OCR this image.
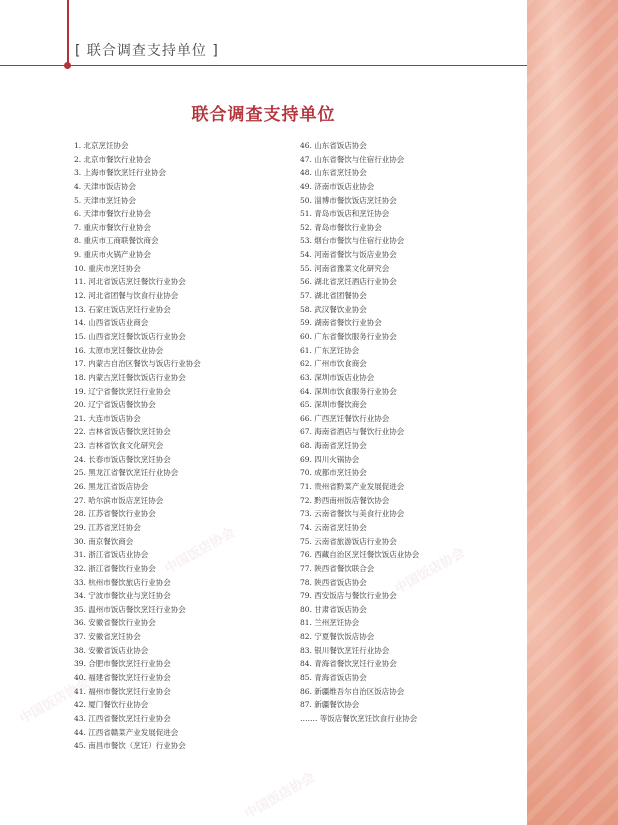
[ 联合调查支持单位 ]
联合调查支持单位
中国饭店协会
中国饭店协会	中国饭店协会
中国饭店协会
1. 北京烹饪协会
2. 北京市餐饮行业协会
3. 上海市餐饮烹饪行业协会
4. 天津市饭店协会
5. 天津市烹饪协会
6. 天津市餐饮行业协会
7. 重庆市餐饮行业协会
8. 重庆市工商联餐饮商会
9. 重庆市火锅产业协会
10. 重庆市烹饪协会
11. 河北省饭店烹饪餐饮行业协会
12. 河北省团餐与饮食行业协会
13. 石家庄饭店烹饪行业协会
14. 山西省饭店业商会
15. 山西省烹饪餐饮饭店行业协会
16. 太原市烹饪餐饮业协会
17. 内蒙古自治区餐饮与饭店行业协会
18. 内蒙古烹饪餐饮饭店行业协会
19. 辽宁省餐饮烹饪行业协会
20. 辽宁省饭店餐饮协会
21. 大连市饭店协会
22. 吉林省饭店餐饮烹饪协会
23. 吉林省饮食文化研究会
24. 长春市饭店餐饮烹饪协会
25. 黑龙江省餐饮烹饪行业协会
26. 黑龙江省饭店协会
27. 哈尔滨市饭店烹饪协会
28. 江苏省餐饮行业协会
29. 江苏省烹饪协会
30. 南京餐饮商会
31. 浙江省饭店业协会
32. 浙江省餐饮行业协会
33. 杭州市餐饮旅店行业协会
34. 宁波市餐饮业与烹饪协会
35. 温州市饭店餐饮烹饪行业协会
36. 安徽省餐饮行业协会
37. 安徽省烹饪协会
38. 安徽省饭店业协会
39. 合肥市餐饮烹饪行业协会
40. 福建省餐饮烹饪行业协会
41. 福州市餐饮烹饪行业协会
42. 厦门餐饮行业协会
43. 江西省餐饮烹饪行业协会
44. 江西省赣菜产业发展促进会
45. 南昌市餐饮（烹饪）行业协会
46. 山东省饭店协会
47. 山东省餐饮与住宿行业协会
48. 山东省烹饪协会
49. 济南市饭店业协会
50. 淄博市餐饮饭店烹饪协会
51. 青岛市饭店和烹饪协会
52. 青岛市餐饮行业协会
53. 烟台市餐饮与住宿行业协会
54. 河南省餐饮与饭店业协会
55. 河南省豫菜文化研究会
56. 湖北省烹饪酒店行业协会
57. 湖北省团餐协会
58. 武汉餐饮业协会
59. 湖南省餐饮行业协会
60. 广东省餐饮服务行业协会
61. 广东烹饪协会
62. 广州市饮食商会
63. 深圳市饭店业协会
64. 深圳市饮食服务行业协会
65. 深圳市餐饮商会
66. 广西烹饪餐饮行业协会
67. 海南省酒店与餐饮行业协会
68. 海南省烹饪协会
69. 四川火锅协会
70. 成都市烹饪协会
71. 贵州省黔菜产业发展促进会
72. 黔西南州饭店餐饮协会
73. 云南省餐饮与美食行业协会
74. 云南省烹饪协会
75. 云南省旅游饭店行业协会
76. 西藏自治区烹饪餐饮饭店业协会
77. 陕西省餐饮联合会
78. 陕西省饭店协会
79. 西安饭店与餐饮行业协会
80. 甘肃省饭店协会
81. 兰州烹饪协会
82. 宁夏餐饮饭店协会
83. 银川餐饮烹饪行业协会
84. 青海省餐饮烹饪行业协会
85. 青海省饭店协会
86. 新疆维吾尔自治区饭店协会
87. 新疆餐饮协会
……. 等饭店餐饮烹饪饮食行业协会
